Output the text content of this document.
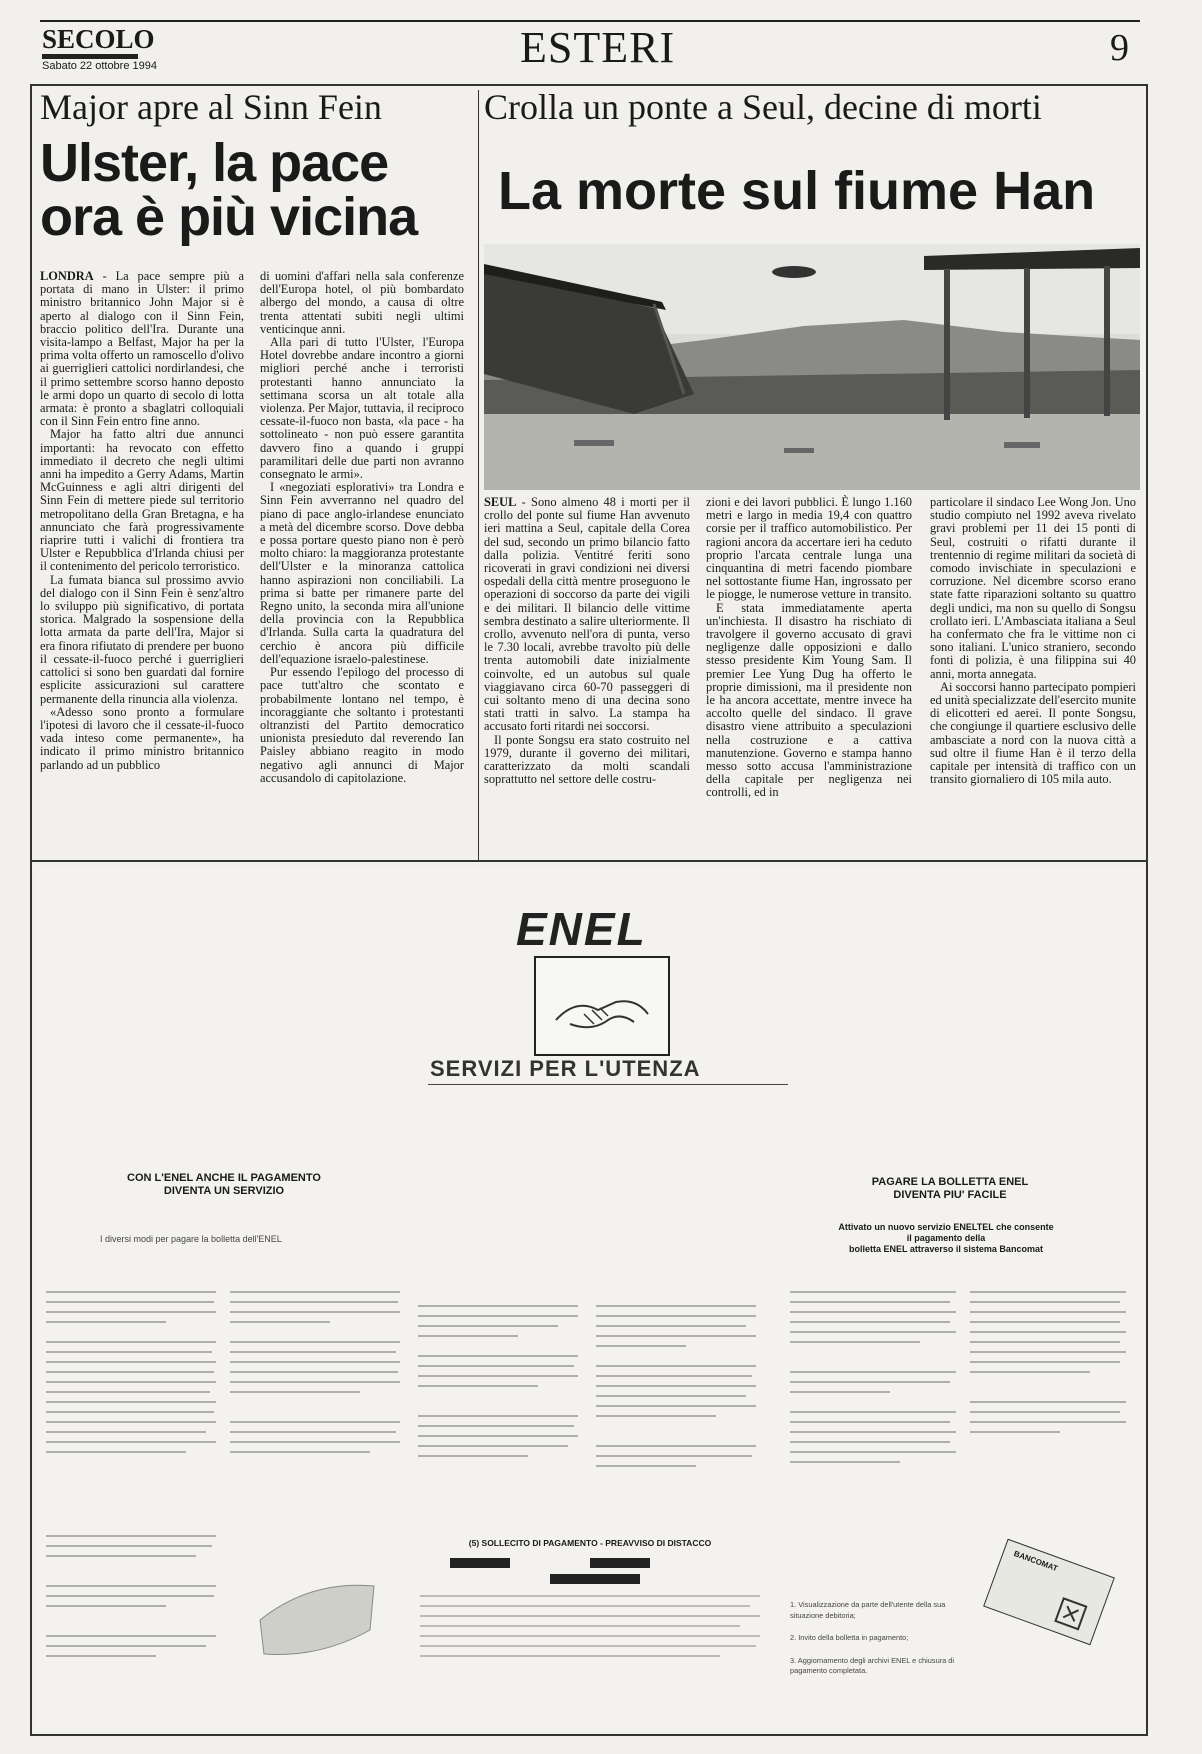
SECOLO
Sabato 22 ottobre 1994	ESTERI	9
Major apre al Sinn Fein
Ulster, la pace
ora è più vicina

LONDRA - La pace sempre più a portata di mano in Ulster: il primo ministro britannico John Major si è aperto al dialogo con il Sinn Fein, braccio politico dell'Ira. Durante una visita-lampo a Belfast, Major ha per la prima volta offerto un ramoscello d'olivo ai guerriglieri cattolici nordirlandesi, che il primo settembre scorso hanno deposto le armi dopo un quarto di secolo di lotta armata: è pronto a sbaglatri colloquiali con il Sinn Fein entro fine anno.

Major ha fatto altri due annunci importanti: ha revocato con effetto immediato il decreto che negli ultimi anni ha impedito a Gerry Adams, Martin McGuinness e agli altri dirigenti del Sinn Fein di mettere piede sul territorio metropolitano della Gran Bretagna, e ha annunciato che farà progressivamente riaprire tutti i valichi di frontiera tra Ulster e Repubblica d'Irlanda chiusi per il contenimento del pericolo terroristico.

La fumata bianca sul prossimo avvio del dialogo con il Sinn Fein è senz'altro lo sviluppo più significativo, di portata storica. Malgrado la sospensione della lotta armata da parte dell'Ira, Major si era finora rifiutato di prendere per buono il cessate-il-fuoco perché i guerriglieri cattolici si sono ben guardati dal fornire esplicite assicurazioni sul carattere permanente della rinuncia alla violenza.

«Adesso sono pronto a formulare l'ipotesi di lavoro che il cessate-il-fuoco vada inteso come permanente», ha indicato il primo ministro britannico parlando ad un pubblico

di uomini d'affari nella sala conferenze dell'Europa hotel, ol più bombardato albergo del mondo, a causa di oltre trenta attentati subiti negli ultimi venticinque anni.

Alla pari di tutto l'Ulster, l'Europa Hotel dovrebbe andare incontro a giorni migliori perché anche i terroristi protestanti hanno annunciato la settimana scorsa un alt totale alla violenza. Per Major, tuttavia, il reciproco cessate-il-fuoco non basta, «la pace - ha sottolineato - non può essere garantita davvero fino a quando i gruppi paramilitari delle due parti non avranno consegnato le armi».

I «negoziati esplorativi» tra Londra e Sinn Fein avverranno nel quadro del piano di pace anglo-irlandese enunciato a metà del dicembre scorso. Dove debba e possa portare questo piano non è però molto chiaro: la maggioranza protestante dell'Ulster e la minoranza cattolica hanno aspirazioni non conciliabili. La prima si batte per rimanere parte del Regno unito, la seconda mira all'unione della provincia con la Repubblica d'Irlanda. Sulla carta la quadratura del cerchio è ancora più difficile dell'equazione israelo-palestinese.

Pur essendo l'epilogo del processo di pace tutt'altro che scontato e probabilmente lontano nel tempo, è incoraggiante che soltanto i protestanti oltranzisti del Partito democratico unionista presieduto dal reverendo Ian Paisley abbiano reagito in modo negativo agli annunci di Major accusandolo di capitolazione.

Crolla un ponte a Seul, decine di morti
La morte sul fiume Han

SEUL - Sono almeno 48 i morti per il crollo del ponte sul fiume Han avvenuto ieri mattina a Seul, capitale della Corea del sud, secondo un primo bilancio fatto dalla polizia. Ventitré feriti sono ricoverati in gravi condizioni nei diversi ospedali della città mentre proseguono le operazioni di soccorso da parte dei vigili e dei militari. Il bilancio delle vittime sembra destinato a salire ulteriormente. Il crollo, avvenuto nell'ora di punta, verso le 7.30 locali, avrebbe travolto più delle trenta automobili date inizialmente coinvolte, ed un autobus sul quale viaggiavano circa 60-70 passeggeri di cui soltanto meno di una decina sono stati tratti in salvo. La stampa ha accusato forti ritardi nei soccorsi.

Il ponte Songsu era stato costruito nel 1979, durante il governo dei militari, caratterizzato da molti scandali soprattutto nel settore delle costru-

zioni e dei lavori pubblici. È lungo 1.160 metri e largo in media 19,4 con quattro corsie per il traffico automobilistico. Per ragioni ancora da accertare ieri ha ceduto proprio l'arcata centrale lunga una cinquantina di metri facendo piombare nel sottostante fiume Han, ingrossato per le piogge, le numerose vetture in transito.

E stata immediatamente aperta un'inchiesta. Il disastro ha rischiato di travolgere il governo accusato di gravi negligenze dalle opposizioni e dallo stesso presidente Kim Young Sam. Il premier Lee Yung Dug ha offerto le proprie dimissioni, ma il presidente non le ha ancora accettate, mentre invece ha accolto quelle del sindaco. Il grave disastro viene attribuito a speculazioni nella costruzione e a cattiva manutenzione. Governo e stampa hanno messo sotto accusa l'amministrazione della capitale per negligenza nei controlli, ed in

particolare il sindaco Lee Wong Jon. Uno studio compiuto nel 1992 aveva rivelato gravi problemi per 11 dei 15 ponti di Seul, costruiti o rifatti durante il trentennio di regime militari da società di comodo invischiate in speculazioni e corruzione. Nel dicembre scorso erano state fatte riparazioni soltanto su quattro degli undici, ma non su quello di Songsu crollato ieri. L'Ambasciata italiana a Seul ha confermato che fra le vittime non ci sono italiani. L'unico straniero, secondo fonti di polizia, è una filippina sui 40 anni, morta annegata.

Ai soccorsi hanno partecipato pompieri ed unità specializzate dell'esercito munite di elicotteri ed aerei. Il ponte Songsu, che congiunge il quartiere esclusivo delle ambasciate a nord con la nuova città a sud oltre il fiume Han è il terzo della capitale per intensità di traffico con un transito giornaliero di 105 mila auto.

ENEL
SERVIZI PER L'UTENZA
CON L'ENEL ANCHE IL PAGAMENTO
DIVENTA UN SERVIZIO
I diversi modi per pagare la bolletta dell'ENEL
PAGARE LA BOLLETTA ENEL
DIVENTA PIU' FACILE
Attivato un nuovo servizio ENELTEL che consente
il pagamento della
bolletta ENEL attraverso il sistema Bancomat
(5) SOLLECITO DI PAGAMENTO - PREAVVISO DI DISTACCO

1. Visualizzazione da parte dell'utente della sua situazione debitoria;

2. Invito della bolletta in pagamento;

3. Aggiornamento degli archivi ENEL e chiusura di pagamento completata.

BANCOMAT
